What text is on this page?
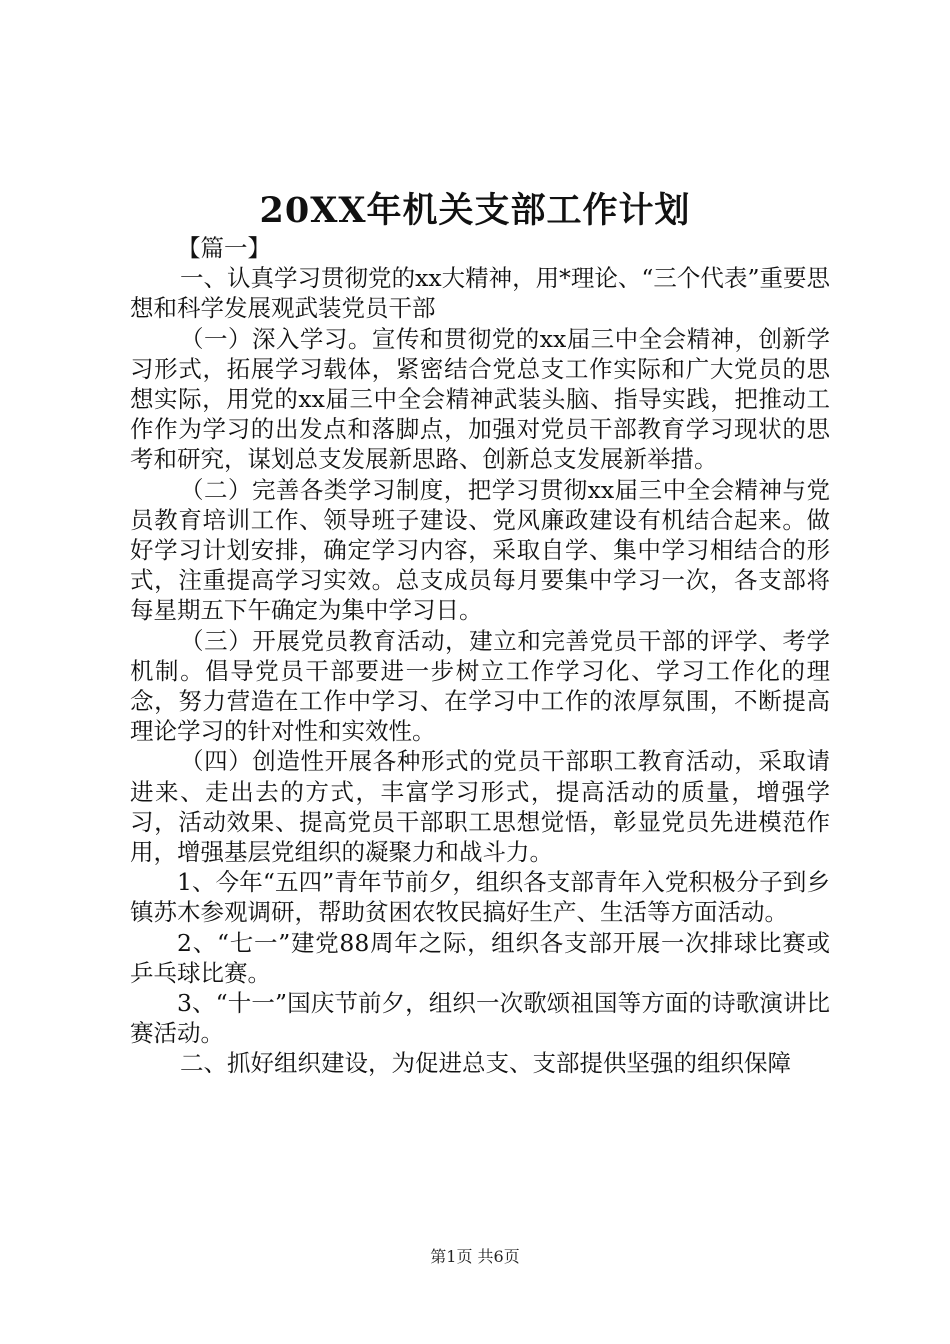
20XX年机关支部工作计划

【篇一】

一、认真学习贯彻党的xx大精神，用*理论、“三个代表”重要思想和科学发展观武装党员干部

（一）深入学习。宣传和贯彻党的xx届三中全会精神，创新学习形式，拓展学习载体，紧密结合党总支工作实际和广大党员的思想实际，用党的xx届三中全会精神武装头脑、指导实践，把推动工作作为学习的出发点和落脚点，加强对党员干部教育学习现状的思考和研究，谋划总支发展新思路、创新总支发展新举措。

（二）完善各类学习制度，把学习贯彻xx届三中全会精神与党员教育培训工作、领导班子建设、党风廉政建设有机结合起来。做好学习计划安排，确定学习内容，采取自学、集中学习相结合的形式，注重提高学习实效。总支成员每月要集中学习一次，各支部将每星期五下午确定为集中学习日。

（三）开展党员教育活动，建立和完善党员干部的评学、考学机制。倡导党员干部要进一步树立工作学习化、学习工作化的理念，努力营造在工作中学习、在学习中工作的浓厚氛围，不断提高理论学习的针对性和实效性。

（四）创造性开展各种形式的党员干部职工教育活动，采取请进来、走出去的方式，丰富学习形式，提高活动的质量，增强学习，活动效果、提高党员干部职工思想觉悟，彰显党员先进模范作用，增强基层党组织的凝聚力和战斗力。

1、今年“五四”青年节前夕，组织各支部青年入党积极分子到乡镇苏木参观调研，帮助贫困农牧民搞好生产、生活等方面活动。

2、“七一”建党88周年之际，组织各支部开展一次排球比赛或乒乓球比赛。

3、“十一”国庆节前夕，组织一次歌颂祖国等方面的诗歌演讲比赛活动。

二、抓好组织建设，为促进总支、支部提供坚强的组织保障

第1页 共6页
